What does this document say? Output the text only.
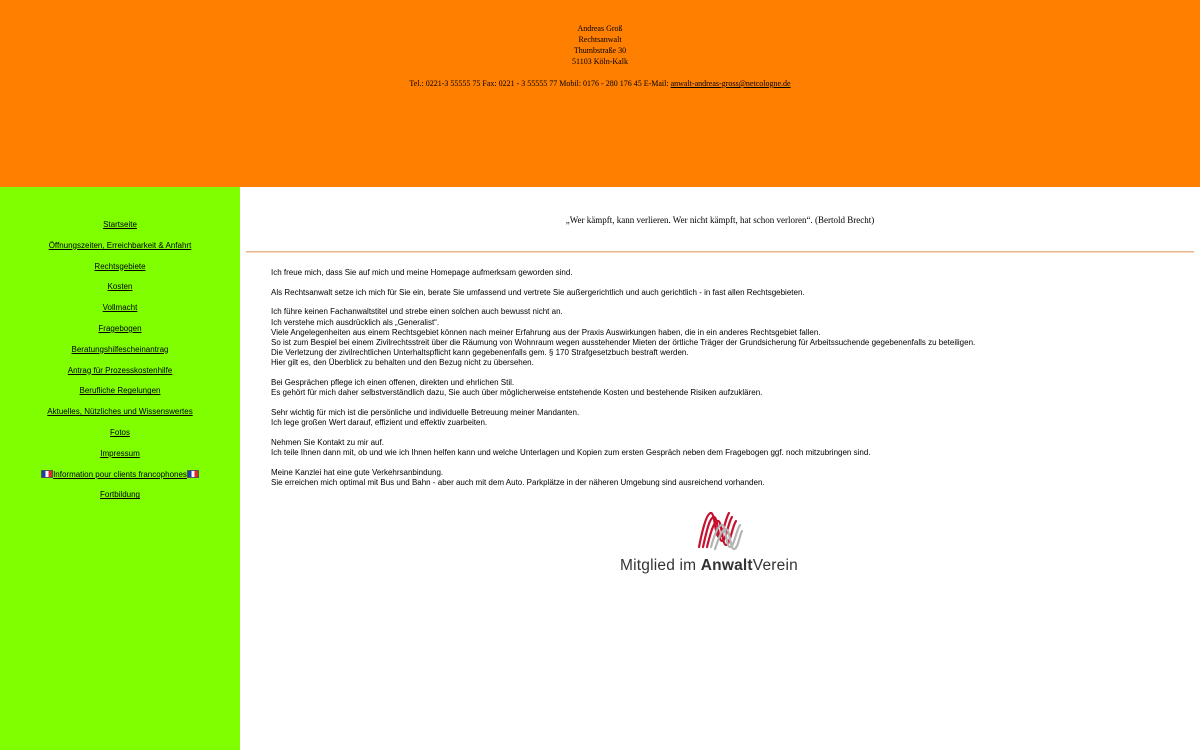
Andreas Groß
Rechtsanwalt
Thumbstraße 30
51103 Köln-Kalk
Tel.: 0221-3 55555 75 Fax: 0221 - 3 55555 77 Mobil: 0176 - 280 176 45 E-Mail: anwalt-andreas-gross@netcologne.de
Startseite
Öffnungszeiten, Erreichbarkeit & Anfahrt
Rechtsgebiete
Kosten
Vollmacht
Fragebogen
Beratungshilfescheinantrag
Antrag für Prozesskostenhilfe
Berufliche Regelungen
Aktuelles, Nützliches und Wissenswertes
Fotos
Impressum
Information pour clients francophones
Fortbildung
„Wer kämpft, kann verlieren. Wer nicht kämpft, hat schon verloren“. (Bertold Brecht)

Ich freue mich, dass Sie auf mich und meine Homepage aufmerksam geworden sind.

Als Rechtsanwalt setze ich mich für Sie ein, berate Sie umfassend und vertrete Sie außergerichtlich und auch gerichtlich - in fast allen Rechtsgebieten.

Ich führe keinen Fachanwaltstitel und strebe einen solchen auch bewusst nicht an.
Ich verstehe mich ausdrücklich als „Generalist“.
Viele Angelegenheiten aus einem Rechtsgebiet können nach meiner Erfahrung aus der Praxis Auswirkungen haben, die in ein anderes Rechtsgebiet fallen.
So ist zum Bespiel bei einem Zivilrechtsstreit über die Räumung von Wohnraum wegen ausstehender Mieten der örtliche Träger der Grundsicherung für Arbeitssuchende gegebenenfalls zu beteiligen.
Die Verletzung der zivilrechtlichen Unterhaltspflicht kann gegebenenfalls gem. § 170 Strafgesetzbuch bestraft werden.
Hier gilt es, den Überblick zu behalten und den Bezug nicht zu übersehen.

Bei Gesprächen pflege ich einen offenen, direkten und ehrlichen Stil.
Es gehört für mich daher selbstverständlich dazu, Sie auch über möglicherweise entstehende Kosten und bestehende Risiken aufzuklären.

Sehr wichtig für mich ist die persönliche und individuelle Betreuung meiner Mandanten.
Ich lege großen Wert darauf, effizient und effektiv zuarbeiten.

Nehmen Sie Kontakt zu mir auf.
Ich teile Ihnen dann mit, ob und wie ich Ihnen helfen kann und welche Unterlagen und Kopien zum ersten Gespräch neben dem Fragebogen ggf. noch mitzubringen sind.

Meine Kanzlei hat eine gute Verkehrsanbindung.
Sie erreichen mich optimal mit Bus und Bahn - aber auch mit dem Auto. Parkplätze in der näheren Umgebung sind ausreichend vorhanden.

Mitglied im AnwaltVerein
